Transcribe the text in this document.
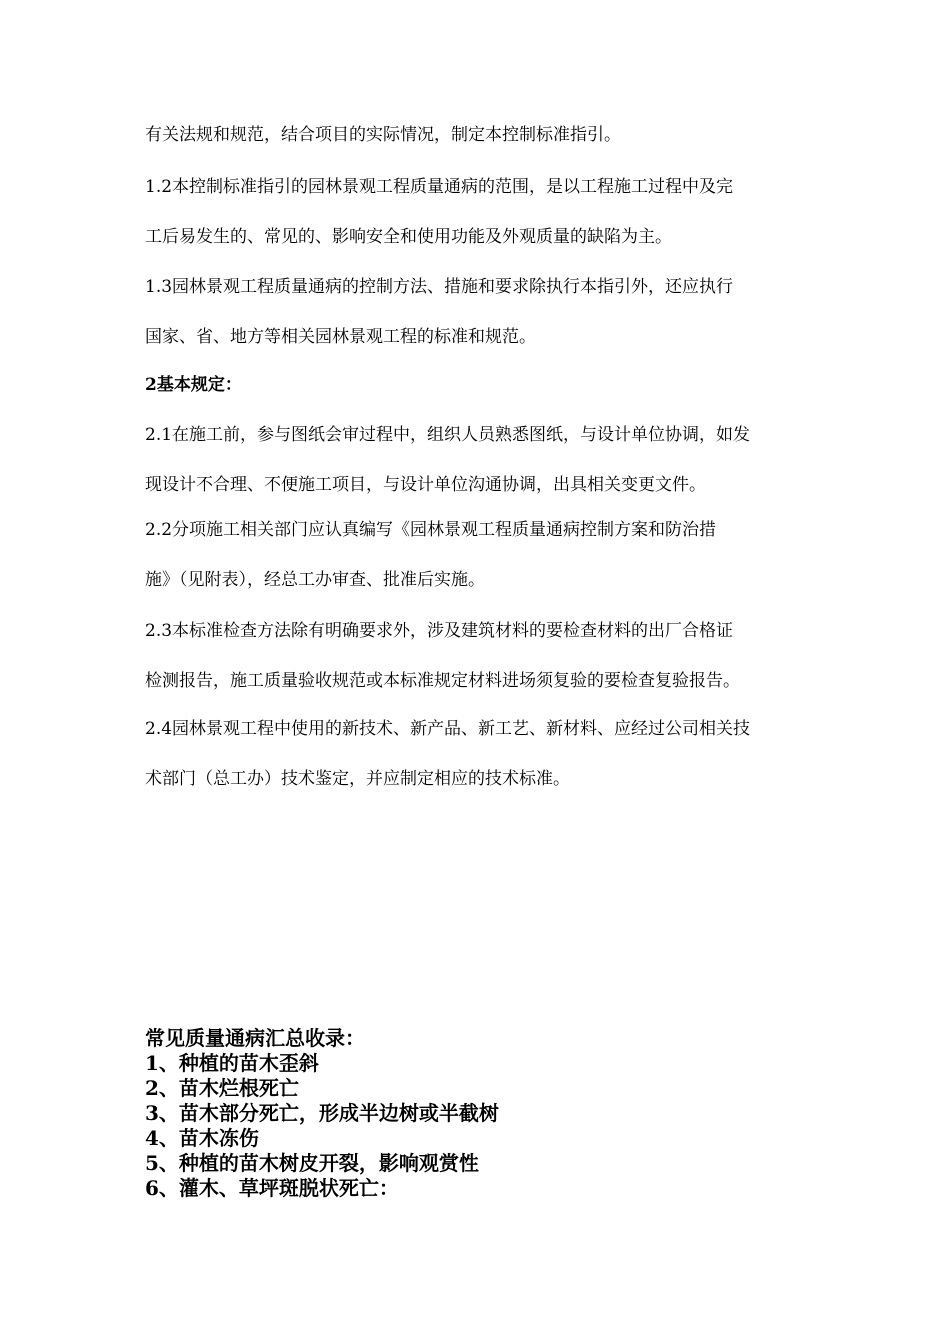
有关法规和规范，结合项目的实际情况，制定本控制标准指引。

1.2本控制标准指引的园林景观工程质量通病的范围，是以工程施工过程中及完

工后易发生的、常见的、影响安全和使用功能及外观质量的缺陷为主。

1.3园林景观工程质量通病的控制方法、措施和要求除执行本指引外，还应执行

国家、省、地方等相关园林景观工程的标准和规范。

2基本规定：

2.1在施工前，参与图纸会审过程中，组织人员熟悉图纸，与设计单位协调，如发

现设计不合理、不便施工项目，与设计单位沟通协调，出具相关变更文件。

2.2分项施工相关部门应认真编写《园林景观工程质量通病控制方案和防治措

施》（见附表），经总工办审查、批准后实施。

2.3本标准检查方法除有明确要求外，涉及建筑材料的要检查材料的出厂合格证

检测报告，施工质量验收规范或本标准规定材料进场须复验的要检查复验报告。

2.4园林景观工程中使用的新技术、新产品、新工艺、新材料、应经过公司相关技

术部门（总工办）技术鉴定，并应制定相应的技术标准。

常见质量通病汇总收录：

1、种植的苗木歪斜

2、苗木烂根死亡

3、苗木部分死亡，形成半边树或半截树

4、苗木冻伤

5、种植的苗木树皮开裂，影响观赏性

6、灌木、草坪斑脱状死亡：
